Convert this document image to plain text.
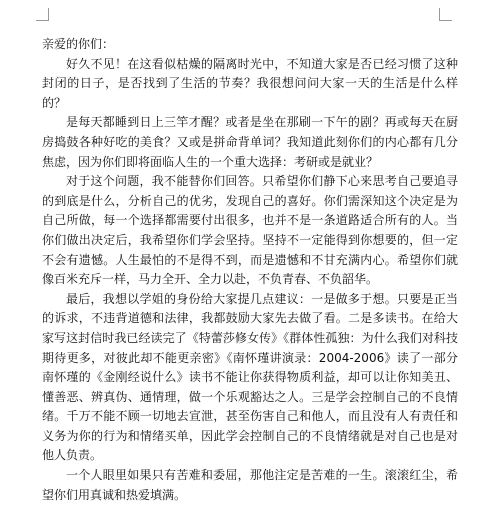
亲爱的你们：

好久不见！在这看似枯燥的隔离时光中，不知道大家是否已经习惯了这种封闭的日子，是否找到了生活的节奏？我很想问问大家一天的生活是什么样的？

是每天都睡到日上三竿才醒？或者是坐在那刷一下午的剧？再或每天在厨房捣鼓各种好吃的美食？又或是拼命背单词？我知道此刻你们的内心都有几分焦虑，因为你们即将面临人生的一个重大选择：考研或是就业？

对于这个问题，我不能替你们回答。只希望你们静下心来思考自己要追寻的到底是什么，分析自己的优劣，发现自己的喜好。你们需深知这个决定是为自己所做，每一个选择都需要付出很多，也并不是一条道路适合所有的人。当你们做出决定后，我希望你们学会坚持。坚持不一定能得到你想要的，但一定不会有遗憾。人生最怕的不是得不到，而是遗憾和不甘充满内心。希望你们就像百米充斥一样，马力全开、全力以赴，不负青春、不负韶华。

最后，我想以学姐的身份给大家提几点建议：一是做多于想。只要是正当的诉求，不违背道德和法律，我都鼓励大家先去做了看。二是多读书。在给大家写这封信时我已经读完了《特蕾莎修女传》《群体性孤独：为什么我们对科技期待更多，对彼此却不能更亲密》《南怀瑾讲演录：2004-2006》读了一部分南怀瑾的《金刚经说什么》读书不能让你获得物质利益，却可以让你知美丑、懂善恶、辨真伪、通情理，做一个乐观豁达之人。三是学会控制自己的不良情绪。千万不能不顾一切地去宣泄，甚至伤害自己和他人，而且没有人有责任和义务为你的行为和情绪买单，因此学会控制自己的不良情绪就是对自己也是对他人负责。

一个人眼里如果只有苦难和委屈，那他注定是苦难的一生。滚滚红尘，希望你们用真诚和热爱填满。
